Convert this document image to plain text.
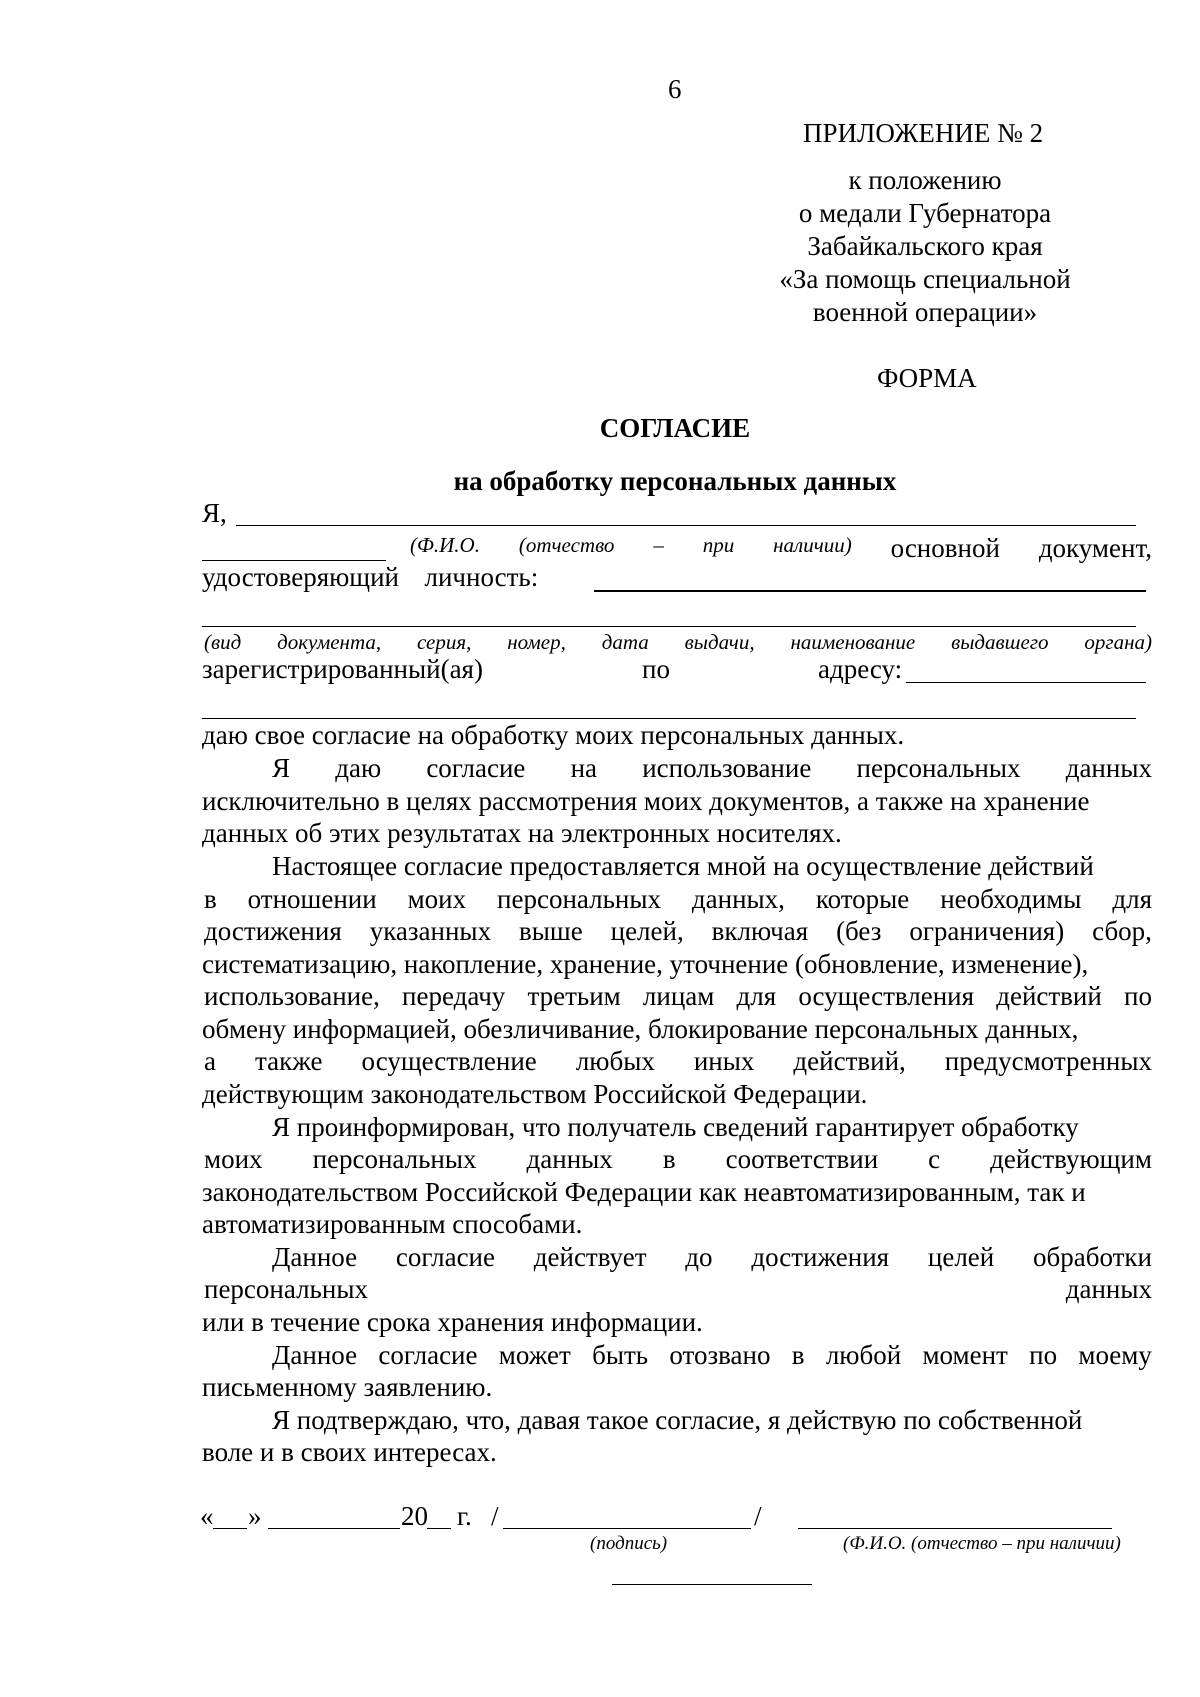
6
ПРИЛОЖЕНИЕ № 2
к положению
о медали Губернатора
Забайкальского края
«За помощь специальной
военной операции»
ФОРМА
СОГЛАСИЕ
на обработку персональных данных
Я,
(Ф.И.О. (отчество – при наличии) основной документ,
удостоверяющий личность:
(вид документа, серия, номер, дата выдачи, наименование выдавшего органа)
зарегистрированный(ая)	по	адресу:
даю свое согласие на обработку моих персональных данных.
Я даю согласие на использование персональных данных
исключительно в целях рассмотрения моих документов, а также на хранение
данных об этих результатах на электронных носителях.
Настоящее согласие предоставляется мной на осуществление действий
в отношении моих персональных данных, которые необходимы для
достижения указанных выше целей, включая (без ограничения) сбор,
систематизацию, накопление, хранение, уточнение (обновление, изменение),
использование, передачу третьим лицам для осуществления действий по
обмену информацией, обезличивание, блокирование персональных данных,
а также осуществление любых иных действий, предусмотренных
действующим законодательством Российской Федерации.
Я проинформирован, что получатель сведений гарантирует обработку
моих персональных данных в соответствии с действующим
законодательством Российской Федерации как неавтоматизированным, так и
автоматизированным способами.
Данное согласие действует до достижения целей обработки
персональных	данных
или в течение срока хранения информации.
Данное согласие может быть отозвано в любой момент по моему
письменному заявлению.
Я подтверждаю, что, давая такое согласие, я действую по собственной
воле и в своих интересах.
« »	20 г. /	/
(подпись)	(Ф.И.О. (отчество – при наличии)
